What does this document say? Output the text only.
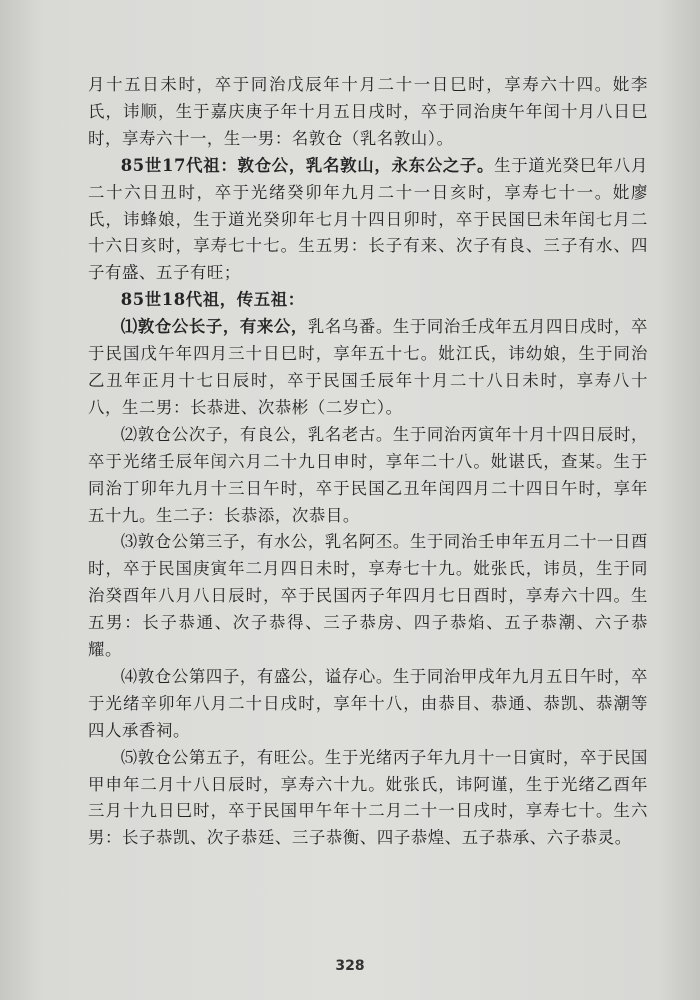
月十五日未时，卒于同治戊辰年十月二十一日巳时，享寿六十四。妣李氏，讳顺，生于嘉庆庚子年十月五日戌时，卒于同治庚午年闰十月八日巳时，享寿六十一，生一男：名敦仓（乳名敦山）。

85世17代祖：敦仓公，乳名敦山，永东公之子。生于道光癸巳年八月二十六日丑时，卒于光绪癸卯年九月二十一日亥时，享寿七十一。妣廖氏，讳蜂娘，生于道光癸卯年七月十四日卯时，卒于民国巳未年闰七月二十六日亥时，享寿七十七。生五男：长子有来、次子有良、三子有水、四子有盛、五子有旺；

85世18代祖，传五祖：

⑴敦仓公长子，有来公，乳名乌番。生于同治壬戌年五月四日戌时，卒于民国戊午年四月三十日巳时，享年五十七。妣江氏，讳幼娘，生于同治乙丑年正月十七日辰时，卒于民国壬辰年十月二十八日未时，享寿八十八，生二男：长恭进、次恭彬（二岁亡）。

⑵敦仓公次子，有良公，乳名老古。生于同治丙寅年十月十四日辰时，卒于光绪壬辰年闰六月二十九日申时，享年二十八。妣谌氏，查某。生于同治丁卯年九月十三日午时，卒于民国乙丑年闰四月二十四日午时，享年五十九。生二子：长恭添，次恭目。

⑶敦仓公第三子，有水公，乳名阿丕。生于同治壬申年五月二十一日酉时，卒于民国庚寅年二月四日未时，享寿七十九。妣张氏，讳员，生于同治癸酉年八月八日辰时，卒于民国丙子年四月七日酉时，享寿六十四。生五男：长子恭通、次子恭得、三子恭房、四子恭焰、五子恭潮、六子恭耀。

⑷敦仓公第四子，有盛公，谥存心。生于同治甲戌年九月五日午时，卒于光绪辛卯年八月二十日戌时，享年十八，由恭目、恭通、恭凯、恭潮等四人承香祠。

⑸敦仓公第五子，有旺公。生于光绪丙子年九月十一日寅时，卒于民国甲申年二月十八日辰时，享寿六十九。妣张氏，讳阿谨，生于光绪乙酉年三月十九日巳时，卒于民国甲午年十二月二十一日戌时，享寿七十。生六男：长子恭凯、次子恭廷、三子恭衡、四子恭煌、五子恭承、六子恭灵。

328
